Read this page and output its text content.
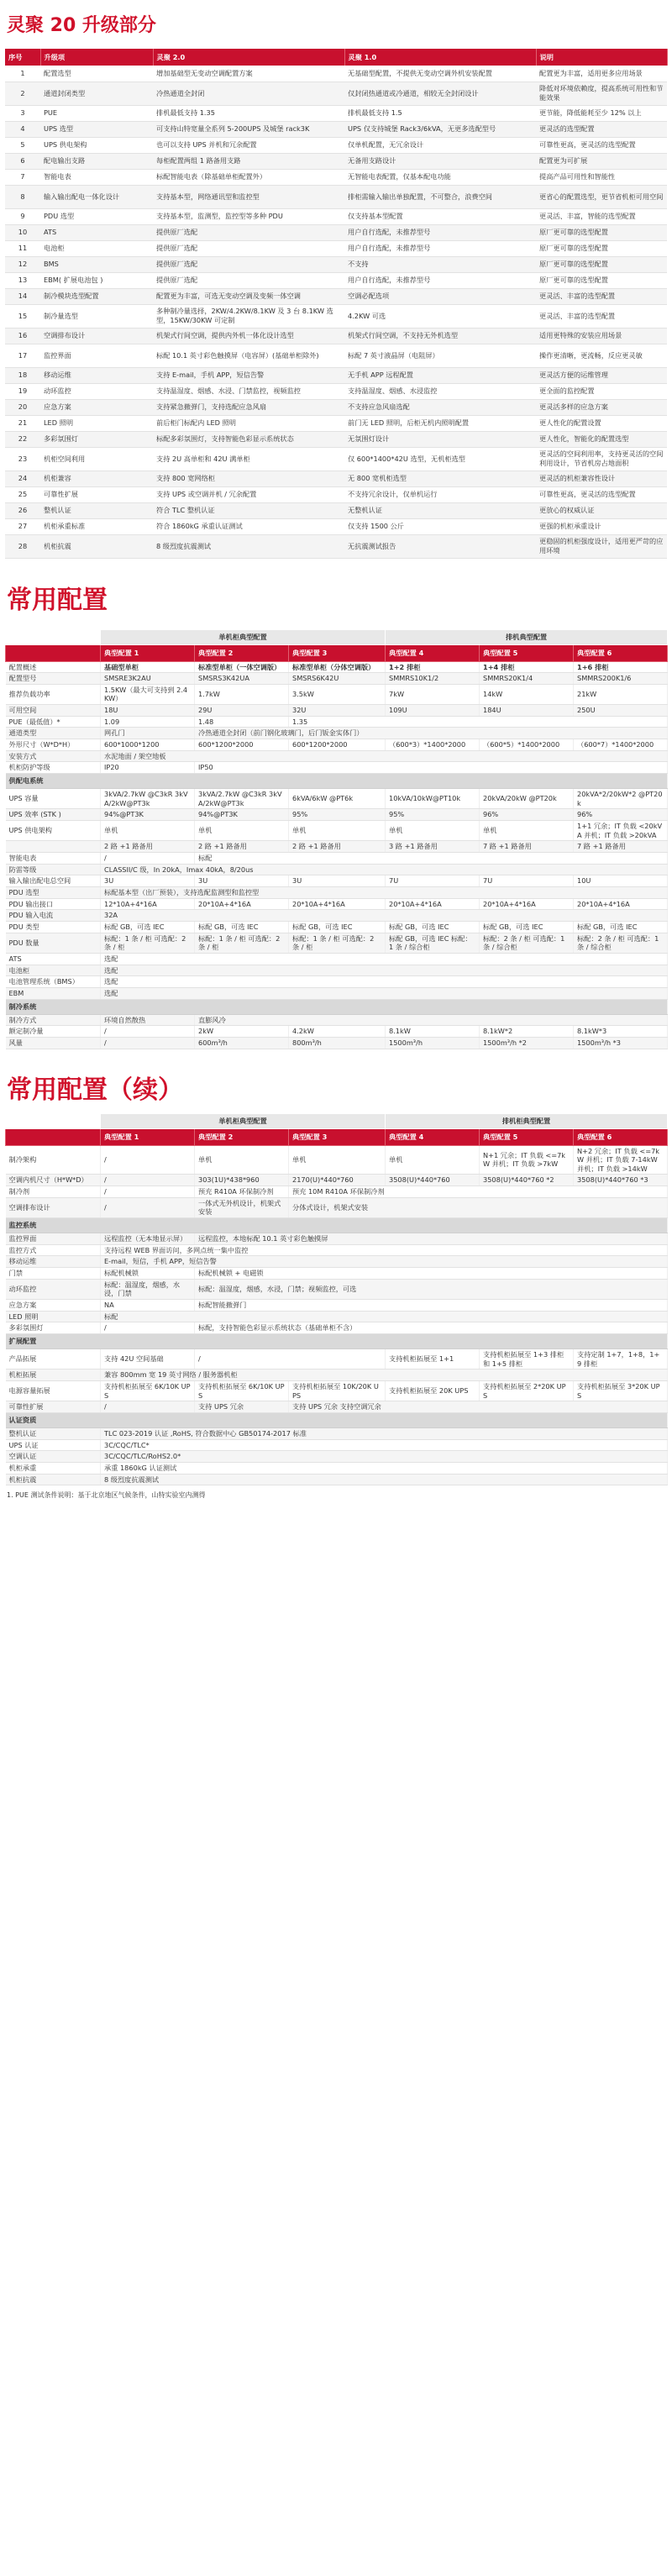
灵聚 20 升级部分
序号	升级项	灵聚 2.0	灵聚 1.0	说明
1	配置选型	增加基础型无变动空调配置方案	无基础型配置，不提供无变动空调外机安装配置	配置更为丰富，适用更多应用场景
2	通道封闭类型	冷热通道全封闭	仅封闭热通道或冷通道，相较无全封闭设计	降低对环境依赖度，提高系统可用性和节能效果
3	PUE	排机最低支持 1.35	排机最低支持 1.5	更节能，降低能耗至少 12% 以上
4	UPS 选型	可支持山特宽量全系列 5-200UPS 及城堡 rack3K	UPS 仅支持城堡 Rack3/6kVA，无更多选配型号	更灵活的选型配置
5	UPS 供电架构	也可以支持 UPS 并机和冗余配置	仅单机配置，无冗余设计	可靠性更高，更灵活的选型配置
6	配电输出支路	每柜配置两组 1 路备用支路	无备用支路设计	配置更为可扩展
7	智能电表	标配智能电表（除基础单柜配置外）	无智能电表配置，仅基本配电功能	提高产品可用性和智能性
8	输入输出配电一体化设计	支持基本型，网络通讯型和监控型	排柜需输入输出单独配置，不可整合，浪费空间	更省心的配置选型，更节省机柜可用空间
9	PDU 选型	支持基本型，监测型，监控型等多种 PDU	仅支持基本型配置	更灵活、丰富，智能的选型配置
10	ATS	提供原厂选配	用户自行选配，未推荐型号	原厂更可靠的选型配置
11	电池柜	提供原厂选配	用户自行选配，未推荐型号	原厂更可靠的选型配置
12	BMS	提供原厂选配	不支持	原厂更可靠的选型配置
13	EBM( 扩展电池包 )	提供原厂选配	用户自行选配，未推荐型号	原厂更可靠的选型配置
14	制冷模块选型配置	配置更为丰富，可选无变动空调及变频一体空调	空调必配选项	更灵活、丰富的选型配置
15	制冷量选型	多种制冷量选择，2KW/4.2KW/8.1KW 及 3 台 8.1KW 选型，15KW/30KW 可定制	4.2KW 可选	更灵活、丰富的选型配置
16	空调排布设计	机架式行间空调，提供内外机一体化设计选型	机架式行间空调，不支持无外机选型	适用更特殊的安装应用场景
17	监控界面	标配 10.1 英寸彩色触摸屏（电容屏）(基础单柜除外)	标配 7 英寸液晶屏（电阻屏）	操作更清晰，更流畅，反应更灵敏
18	移动运维	支持 E-mail，手机 APP，短信告警	无手机 APP 远程配置	更灵活方便的运维管理
19	动环监控	支持温湿度、烟感、水浸、门禁监控，视频监控	支持温湿度、烟感、水浸监控	更全面的监控配置
20	应急方案	支持紧急撤弹门，支持选配应急风扇	不支持应急风扇选配	更灵活多样的应急方案
21	LED 照明	前后柜门标配内 LED 照明	前门无 LED 照明，后柜无机内照明配置	更人性化的配置设置
22	多彩氛围灯	标配多彩氛围灯，支持智能色彩显示系统状态	无氛围灯设计	更人性化，智能化的配置选型
23	机柜空间利用	支持 2U 高单柜和 42U 满单柜	仅 600*1400*42U 选型，无机柜选型	更灵活的空间利用率，支持更灵活的空间利用设计，节省机房占地面积
24	机柜兼容	支持 800 宽网络柜	无 800 宽机柜选型	更灵活的机柜兼容性设计
25	可靠性扩展	支持 UPS 或空调并机 / 冗余配置	不支持冗余设计，仅单机运行	可靠性更高，更灵活的选型配置
26	整机认证	符合 TLC 整机认证	无整机认证	更放心的权威认证
27	机柜承重标准	符合 1860kG 承重认证测试	仅支持 1500 公斤	更强的机柜承重设计
28	机柜抗震	8 级烈度抗震测试	无抗震测试报告	更稳固的机柜强度设计，适用更严苛的应用环境
常用配置
	单机柜典型配置			排机典型配置		
	典型配置 1	典型配置 2	典型配置 3	典型配置 4	典型配置 5	典型配置 6
配置概述	基础型单柜	标准型单柜（一体空调版）	标准型单柜（分体空调版）	1+2 排柜	1+4 排柜	1+6 排柜
配置型号	SMSRE3K2AU	SMSRS3K42UA	SMSRS6K42U	SMMRS10K1/2	SMMRS20K1/4	SMMRS200K1/6
推荐负载功率	1.5KW（最大可支持到 2.4KW）	1.7kW	3.5kW	7kW	14kW	21kW
可用空间	18U	29U	32U	109U	184U	250U
PUE（最低值）*	1.09	1.48	1.35			
通道类型	网孔门	冷热通道全封闭（前门钢化玻璃门，后门钣金实体门）				
外形尺寸（W*D*H）	600*1000*1200	600*1200*2000	600*1200*2000	（600*3）*1400*2000	（600*5）*1400*2000	（600*7）*1400*2000
安装方式	水泥地面 / 架空地板					
机柜防护等级	IP20	IP50				
供配电系统						
UPS 容量	3kVA/2.7kW @C3kR 3kVA/2kW@PT3k	3kVA/2.7kW @C3kR 3kVA/2kW@PT3k	6kVA/6kW @PT6k	10kVA/10kW@PT10k	20kVA/20kW @PT20k	20kVA*2/20kW*2 @PT20k
UPS 效率 (STK )	94%@PT3K	94%@PT3K	95%	95%	96%	96%
UPS 供电架构	单机	单机	单机	单机	单机	1+1 冗余；IT 负载 <20kVA 并机；IT 负载 >20kVA
	2 路 +1 路备用	2 路 +1 路备用	2 路 +1 路备用	3 路 +1 路备用	7 路 +1 路备用	7 路 +1 路备用
智能电表	/	标配				
防雷等级	CLASSII/C 级，In 20kA，Imax 40kA，8/20us					
输入输出配电总空间	3U	3U	3U	7U	7U	10U
PDU 选型	标配基本型（出厂预装），支持选配监测型和监控型					
PDU 输出接口	12*10A+4*16A	20*10A+4*16A	20*10A+4*16A	20*10A+4*16A	20*10A+4*16A	20*10A+4*16A
PDU 输入电流	32A					
PDU 类型	标配 GB，可选 IEC	标配 GB，可选 IEC	标配 GB，可选 IEC	标配 GB，可选 IEC	标配 GB，可选 IEC	标配 GB，可选 IEC
PDU 数量	标配：1 条 / 柜 可选配：2 条 / 柜	标配：1 条 / 柜 可选配：2 条 / 柜	标配：1 条 / 柜 可选配：2 条 / 柜	标配 GB，可选 IEC 标配：1 条 / 综合柜	标配：2 条 / 柜 可选配：1 条 / 综合柜	标配：2 条 / 柜 可选配：1 条 / 综合柜
ATS	选配					
电池柜	选配					
电池管理系统（BMS）	选配					
EBM	选配					
制冷系统						
制冷方式	环境自然散热	直膨风冷				
额定制冷量	/	2kW	4.2kW	8.1kW	8.1kW*2	8.1kW*3
风量	/	600m³/h	800m³/h	1500m³/h	1500m³/h *2	1500m³/h *3
常用配置（续）
	单机柜典型配置			排机柜典型配置		
	典型配置 1	典型配置 2	典型配置 3	典型配置 4	典型配置 5	典型配置 6
制冷架构	/	单机	单机	单机	N+1 冗余；IT 负载 <=7kW 并机；IT 负载 >7kW	N+2 冗余；IT 负载 <=7kW 并机；IT 负载 7-14kW 并机；IT 负载 >14kW
空调内机尺寸（H*W*D）	/	303(1U)*438*960	2170(U)*440*760	3508(U)*440*760	3508(U)*440*760 *2	3508(U)*440*760 *3
制冷剂	/	预充 R410A 环保制冷剂	预充 10M R410A 环保制冷剂			
空调排布设计	/	一体式无外机设计，机架式安装	分体式设计，机架式安装			
监控系统						
监控界面	远程监控（无本地显示屏）	远程监控，本地标配 10.1 英寸彩色触摸屏				
监控方式	支持远程 WEB 界面访问，多网点统一集中监控					
移动运维	E-mail，短信，手机 APP，短信告警					
门禁	标配机械锁	标配机械锁 + 电磁锁				
动环监控	标配：温湿度，烟感，水浸，门禁	标配：温湿度，烟感，水浸，门禁；视频监控，可选				
应急方案	NA	标配智能撤弹门				
LED 照明	标配					
多彩氛围灯	/	标配，支持智能色彩显示系统状态（基础单柜不含）				
扩展配置						
产品拓展	支持 42U 空间基础	/		支持机柜拓展至 1+1	支持机柜拓展至 1+3 排柜和 1+5 排柜	支持定制 1+7，1+8，1+9 排柜
机柜拓展	兼容 800mm 宽 19 英寸网络 / 服务器机柜					
电源容量拓展	支持机柜拓展至 6K/10K UPS	支持机柜拓展至 6K/10K UPS	支持机柜拓展至 10K/20K UPS	支持机柜拓展至 20K UPS	支持机柜拓展至 2*20K UPS	支持机柜拓展至 3*20K UPS
可靠性扩展	/	支持 UPS 冗余	支持 UPS 冗余 支持空调冗余			
认证资质						
整机认证	TLC 023-2019 认证 ,RoHS, 符合数据中心 GB50174-2017 标准					
UPS 认证	3C/CQC/TLC*					
空调认证	3C/CQC/TLC/RoHS2.0*					
机柜承重	承重 1860kG 认证测试					
机柜抗震	8 级烈度抗震测试					
1. PUE 测试条件说明：基于北京地区气候条件，山特实验室内测得
